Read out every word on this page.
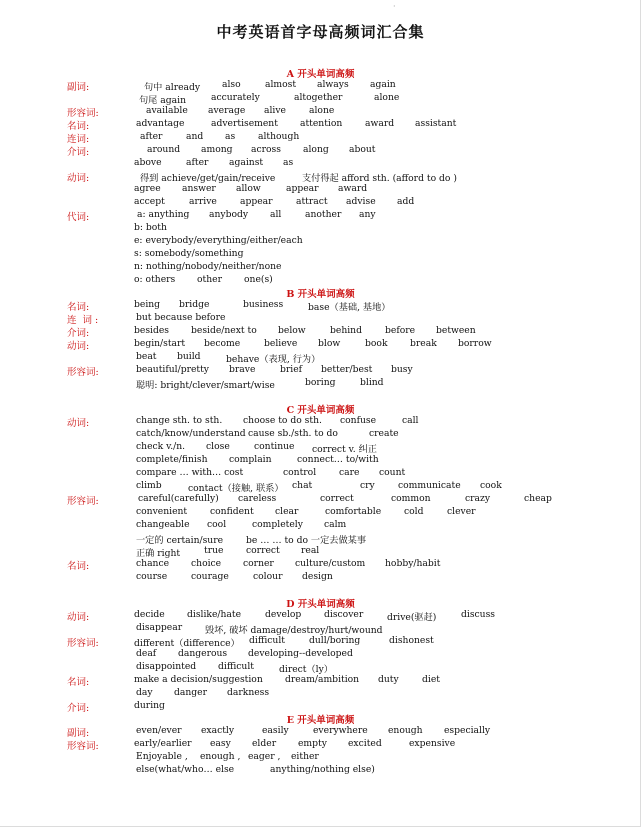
·
中考英语首字母高频词汇合集
A 开头单词高频
副词:	句中 already also	almost always again
句尾 again	accurately	altogether	alone
形容词:	available average alive	alone
名词:	advantage	advertisement attention award assistant
连词:	after	and as although
介词:	around among across along about
above	after against as
动词:	得到 achieve/get/gain/receive	支付得起 afford sth. (afford to do )
agree answer allow	appear award
accept	arrive	appear	attract advise add
代词:	a: anything anybody all	another any
b: both
e: everybody/everything/either/each
s: somebody/something
n: nothing/nobody/neither/none
o: others other one(s)
B 开头单词高频
名词:	being bridge	business	base（基础, 基地）
连  词 :	but because before
介词:	besides beside/next to below	behind	before between
动词:	begin/start become	believe blow	book break borrow
beat build	behave（表现, 行为）
形容词:	beautiful/pretty brave	brief better/best busy
聪明: bright/clever/smart/wise	boring	blind
C 开头单词高频
动词:	change sth. to sth. choose to do sth. confuse	call
catch/know/understand cause sb./sth. to do	create
check v./n. close	continue correct v. 纠正
complete/finish complain	connect… to/with
compare … with… cost	control care count
climb	contact（接触, 联系） chat	cry	communicate cook
形容词:	careful(carefully) careless	correct	common	crazy	cheap
convenient confident clear	comfortable cold	clever
changeable cool	completely calm
一定的 certain/sure be … … to do 一定去做某事
正确 right	true correct real
名词:	chance choice corner culture/custom hobby/habit
course	courage	colour design
D 开头单词高频
动词:	decide dislike/hate	develop discover	drive(驱赶)	discuss
disappear 毁坏, 破坏 damage/destroy/hurt/wound
形容词:	different（difference） difficult	dull/boring	dishonest
deaf dangerous developing--developed
disappointed difficult	direct（ly）
名词:	make a decision/suggestion dream/ambition duty	diet
day danger darkness
介词:	during
E 开头单词高频
副词:	even/ever exactly	easily	everywhere enough especially
形容词:	early/earlier easy elder empty excited	expensive
Enjoyable , enough , eager , either
else(what/who… else	anything/nothing else)
